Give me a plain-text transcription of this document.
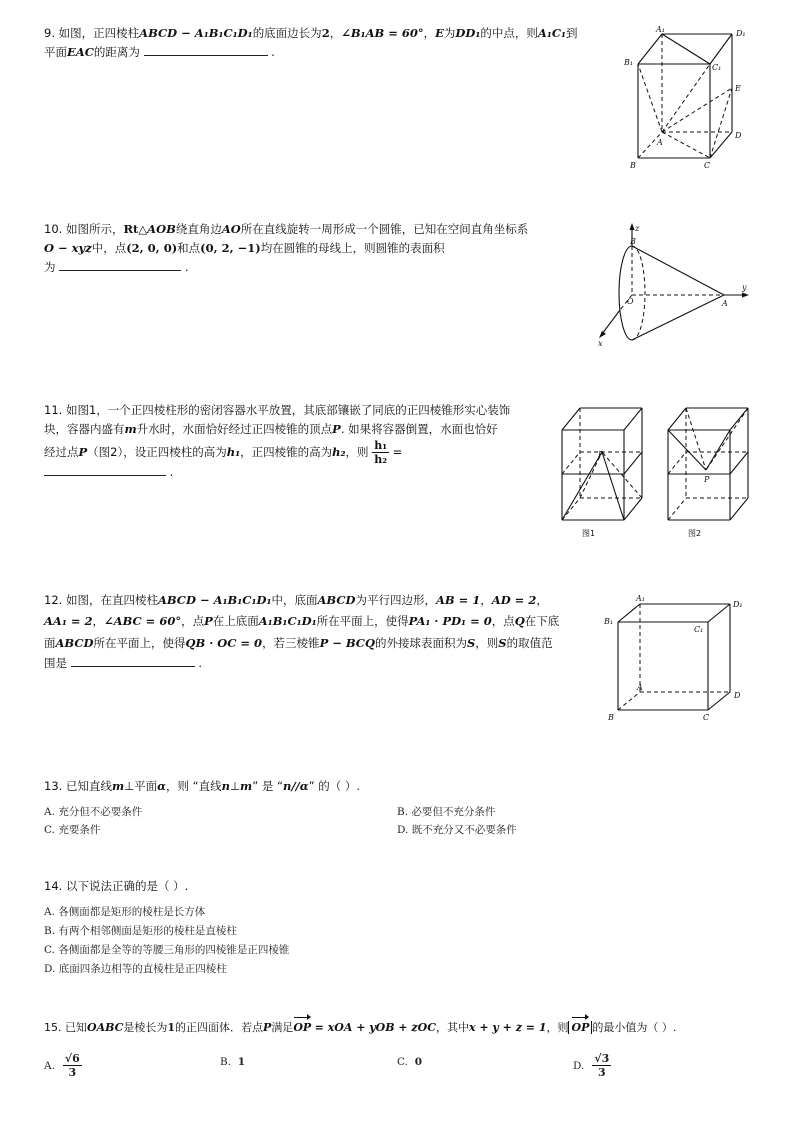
9. 如图，正四棱柱ABCD − A₁B₁C₁D₁的底面边长为2，∠B₁AB = 60°，E为DD₁的中点，则A₁C₁到
平面EAC的距离为	.
A₁	D₁
B₁
C₁
E
A
D
B	C
10. 如图所示，Rt△AOB绕直角边AO所在直线旋转一周形成一个圆锥，已知在空间直角坐标系
O − xyz中，点(2, 0, 0)和点(0, 2, −1)均在圆锥的母线上，则圆锥的表面积
为	.
z
B
O	A
y
x
11. 如图1，一个正四棱柱形的密闭容器水平放置，其底部镶嵌了同底的正四棱锥形实心装饰
块，容器内盛有m升水时，水面恰好经过正四棱锥的顶点P. 如果将容器倒置，水面也恰好
经过点P（图2），设正四棱柱的高为h₁，正四棱锥的高为h₂，则 $\frac{\text{h₁}}{\text{h₂}}$ =
.
P
图1
P
图2
12. 如图，在直四棱柱ABCD − A₁B₁C₁D₁中，底面ABCD为平行四边形，AB = 1，AD = 2，
AA₁ = 2，∠ABC = 60°，点P在上底面A₁B₁C₁D₁所在平面上，使得PA₁ · PD₁ = 0，点Q在下底
面ABCD所在平面上，使得QB · OC = 0，若三棱锥P − BCQ的外接球表面积为S，则S的取值范
围是	.
A₁
D₁
B₁
C₁
A
D
B	C
13. 已知直线m⊥平面α，则 “直线n⊥m” 是 “n//α” 的（ ）.
A. 充分但不必要条件	B. 必要但不充分条件
C. 充要条件	D. 既不充分又不必要条件
14. 以下说法正确的是（ ）.
A. 各侧面都是矩形的棱柱是长方体
B. 有两个相邻侧面是矩形的棱柱是直棱柱
C. 各侧面都是全等的等腰三角形的四棱锥是正四棱锥
D. 底面四条边相等的直棱柱是正四棱柱
15. 已知OABC是棱长为1的正四面体．若点P满足OP = xOA + yOB + zOC，其中x + y + z = 1，则 OP 的最小值为（ ）.
A. $\frac{√6}{3}$	B. 1	C. 0	D. $\frac{√3}{3}$
